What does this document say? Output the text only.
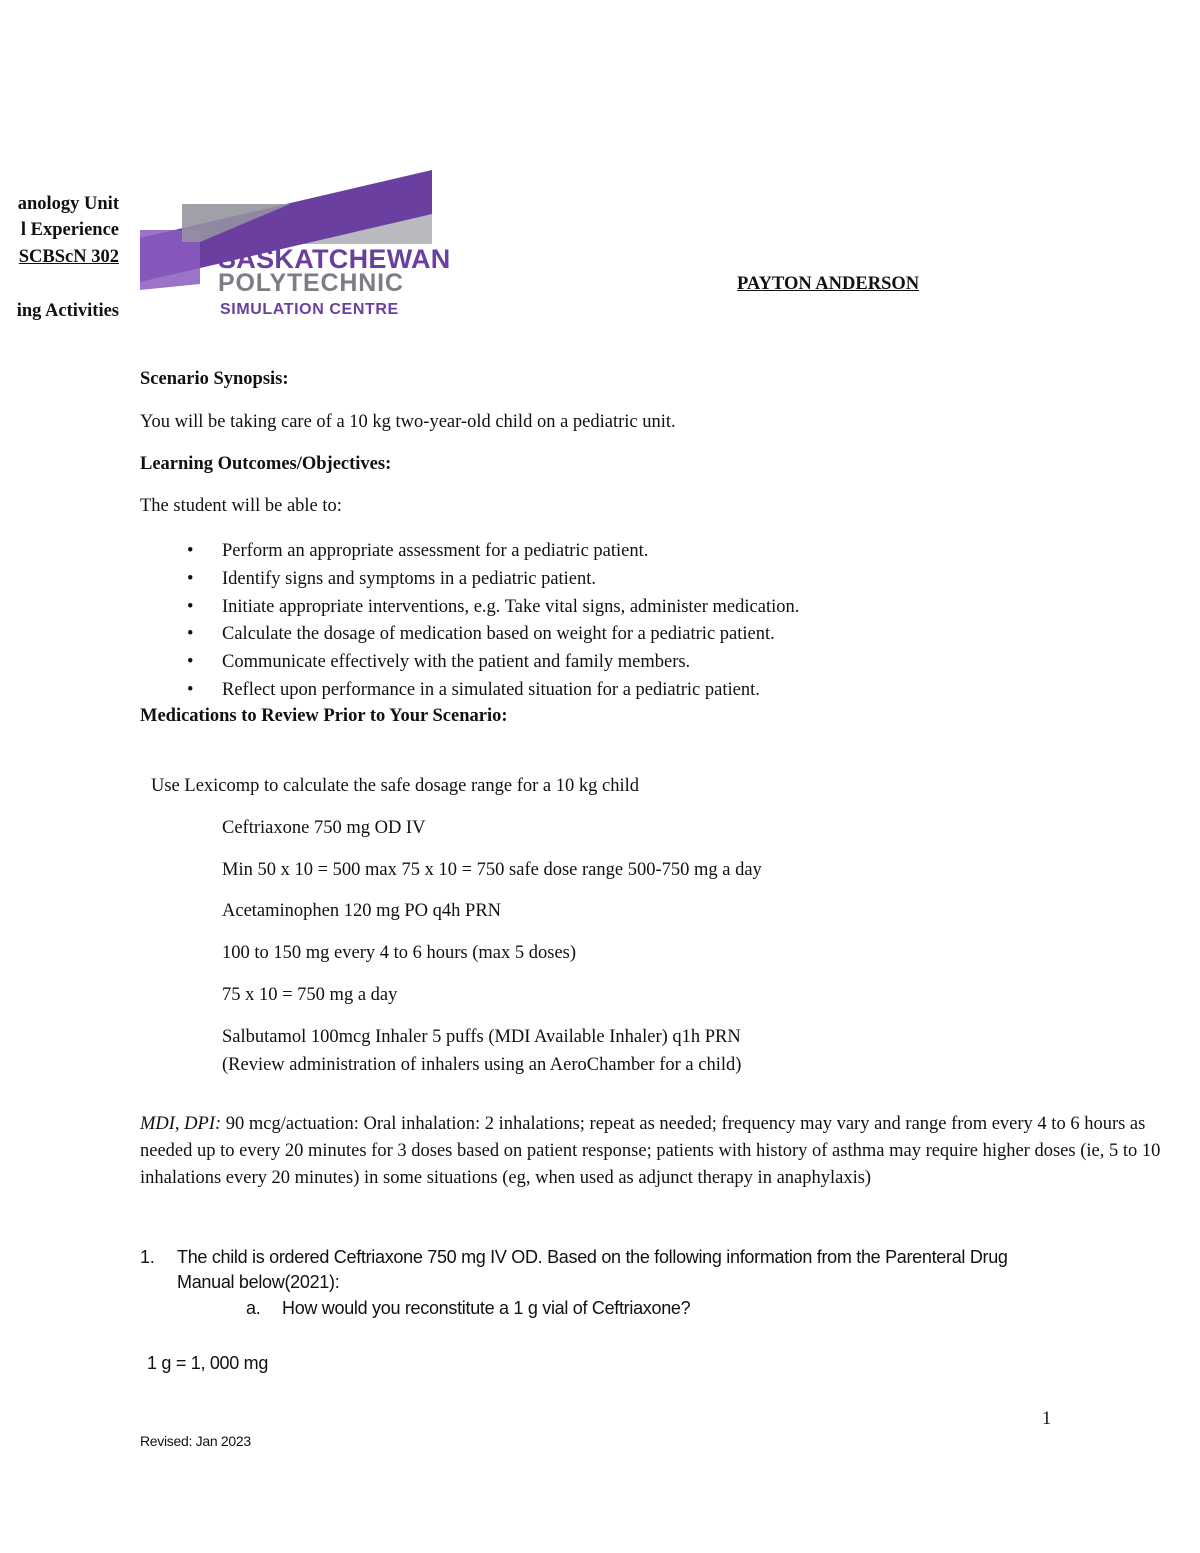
anology Unit
l Experience
SCBScN 302
ing Activities
SASKATCHEWAN
POLYTECHNIC
SIMULATION CENTRE
PAYTON ANDERSON
Scenario Synopsis:
You will be taking care of a 10 kg two-year-old child on a pediatric unit.
Learning Outcomes/Objectives:
The student will be able to:
• Perform an appropriate assessment for a pediatric patient.
• Identify signs and symptoms in a pediatric patient.
• Initiate appropriate interventions, e.g. Take vital signs, administer medication.
• Calculate the dosage of medication based on weight for a pediatric patient.
• Communicate effectively with the patient and family members.
• Reflect upon performance in a simulated situation for a pediatric patient.
Medications to Review Prior to Your Scenario:
Use Lexicomp to calculate the safe dosage range for a 10 kg child
Ceftriaxone 750 mg OD IV
Min 50 x 10 = 500 max 75 x 10 = 750 safe dose range 500-750 mg a day
Acetaminophen 120 mg PO q4h PRN
100 to 150 mg every 4 to 6 hours (max 5 doses)
75 x 10 = 750 mg a day
Salbutamol 100mcg Inhaler 5 puffs (MDI Available Inhaler) q1h PRN
(Review administration of inhalers using an AeroChamber for a child)
MDI, DPI: 90 mcg/actuation: Oral inhalation: 2 inhalations; repeat as needed; frequency may vary and range from every 4 to 6 hours as needed up to every 20 minutes for 3 doses based on patient response; patients with history of asthma may require higher doses (ie, 5 to 10 inhalations every 20 minutes) in some situations (eg, when used as adjunct therapy in anaphylaxis)
1. The child is ordered Ceftriaxone 750 mg IV OD. Based on the following information from the Parenteral Drug
Manual below(2021):
a. How would you reconstitute a 1 g vial of Ceftriaxone?
1 g = 1, 000 mg
1
Revised: Jan 2023
